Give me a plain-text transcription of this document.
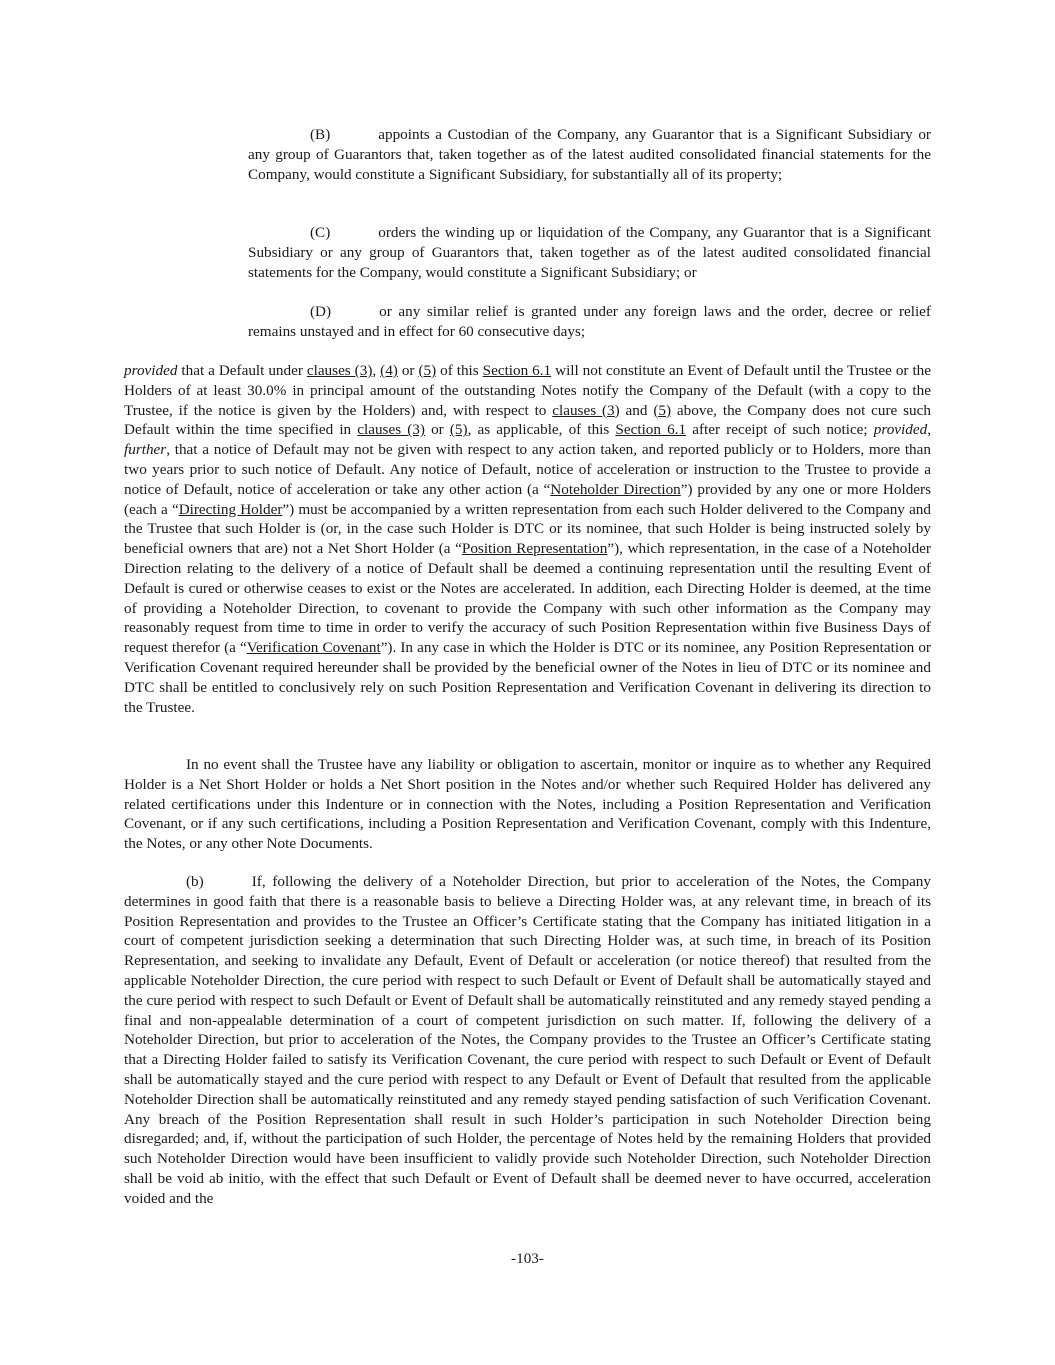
(B)	appoints a Custodian of the Company, any Guarantor that is a Significant Subsidiary or any group of Guarantors that, taken together as of the latest audited consolidated financial statements for the Company, would constitute a Significant Subsidiary, for substantially all of its property;

(C)	orders the winding up or liquidation of the Company, any Guarantor that is a Significant Subsidiary or any group of Guarantors that, taken together as of the latest audited consolidated financial statements for the Company, would constitute a Significant Subsidiary; or

(D)	or any similar relief is granted under any foreign laws and the order, decree or relief remains unstayed and in effect for 60 consecutive days;

provided that a Default under clauses (3), (4) or (5) of this Section 6.1 will not constitute an Event of Default until the Trustee or the Holders of at least 30.0% in principal amount of the outstanding Notes notify the Company of the Default (with a copy to the Trustee, if the notice is given by the Holders) and, with respect to clauses (3) and (5) above, the Company does not cure such Default within the time specified in clauses (3) or (5), as applicable, of this Section 6.1 after receipt of such notice; provided, further, that a notice of Default may not be given with respect to any action taken, and reported publicly or to Holders, more than two years prior to such notice of Default. Any notice of Default, notice of acceleration or instruction to the Trustee to provide a notice of Default, notice of acceleration or take any other action (a “Noteholder Direction”) provided by any one or more Holders (each a “Directing Holder”) must be accompanied by a written representation from each such Holder delivered to the Company and the Trustee that such Holder is (or, in the case such Holder is DTC or its nominee, that such Holder is being instructed solely by beneficial owners that are) not a Net Short Holder (a “Position Representation”), which representation, in the case of a Noteholder Direction relating to the delivery of a notice of Default shall be deemed a continuing representation until the resulting Event of Default is cured or otherwise ceases to exist or the Notes are accelerated. In addition, each Directing Holder is deemed, at the time of providing a Noteholder Direction, to covenant to provide the Company with such other information as the Company may reasonably request from time to time in order to verify the accuracy of such Position Representation within five Business Days of request therefor (a “Verification Covenant”). In any case in which the Holder is DTC or its nominee, any Position Representation or Verification Covenant required hereunder shall be provided by the beneficial owner of the Notes in lieu of DTC or its nominee and DTC shall be entitled to conclusively rely on such Position Representation and Verification Covenant in delivering its direction to the Trustee.

In no event shall the Trustee have any liability or obligation to ascertain, monitor or inquire as to whether any Required Holder is a Net Short Holder or holds a Net Short position in the Notes and/or whether such Required Holder has delivered any related certifications under this Indenture or in connection with the Notes, including a Position Representation and Verification Covenant, or if any such certifications, including a Position Representation and Verification Covenant, comply with this Indenture, the Notes, or any other Note Documents.

(b)	If, following the delivery of a Noteholder Direction, but prior to acceleration of the Notes, the Company determines in good faith that there is a reasonable basis to believe a Directing Holder was, at any relevant time, in breach of its Position Representation and provides to the Trustee an Officer’s Certificate stating that the Company has initiated litigation in a court of competent jurisdiction seeking a determination that such Directing Holder was, at such time, in breach of its Position Representation, and seeking to invalidate any Default, Event of Default or acceleration (or notice thereof) that resulted from the applicable Noteholder Direction, the cure period with respect to such Default or Event of Default shall be automatically stayed and the cure period with respect to such Default or Event of Default shall be automatically reinstituted and any remedy stayed pending a final and non-appealable determination of a court of competent jurisdiction on such matter. If, following the delivery of a Noteholder Direction, but prior to acceleration of the Notes, the Company provides to the Trustee an Officer’s Certificate stating that a Directing Holder failed to satisfy its Verification Covenant, the cure period with respect to such Default or Event of Default shall be automatically stayed and the cure period with respect to any Default or Event of Default that resulted from the applicable Noteholder Direction shall be automatically reinstituted and any remedy stayed pending satisfaction of such Verification Covenant. Any breach of the Position Representation shall result in such Holder’s participation in such Noteholder Direction being disregarded; and, if, without the participation of such Holder, the percentage of Notes held by the remaining Holders that provided such Noteholder Direction would have been insufficient to validly provide such Noteholder Direction, such Noteholder Direction shall be void ab initio, with the effect that such Default or Event of Default shall be deemed never to have occurred, acceleration voided and the

-103-
